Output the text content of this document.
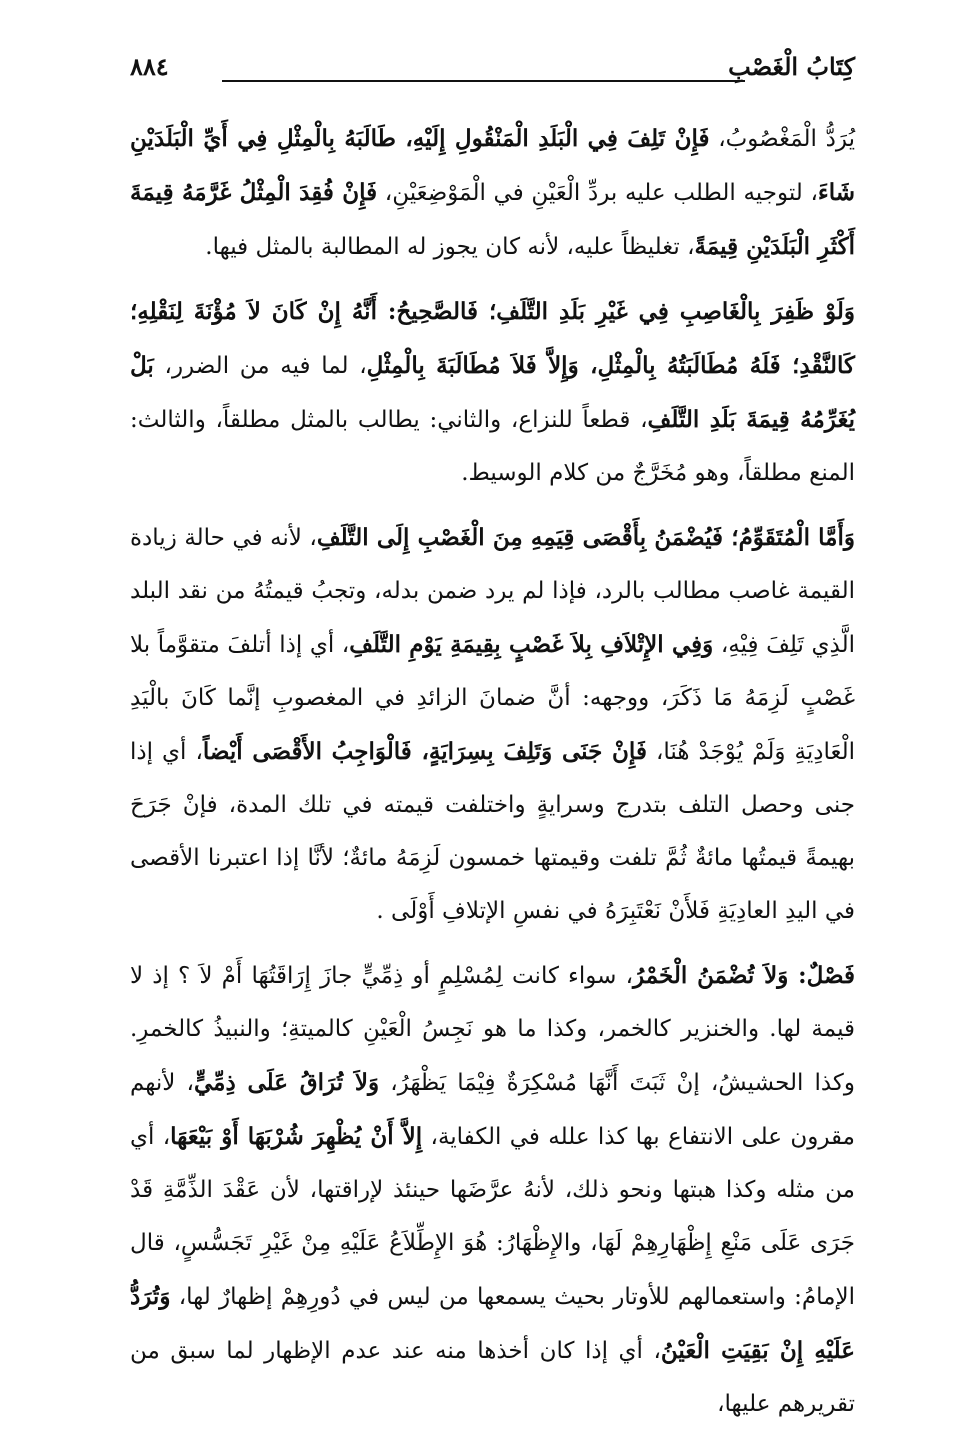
كِتَابُ الْغَصْبِ
٨٨٤

يُرَدُّ الْمَغْصُوبُ، فَإِنْ تَلِفَ فِي الْبَلَدِ الْمَنْقُولِ إِلَيْهِ، طَالَبَهُ بِالْمِثْلِ فِي أَيِّ الْبَلَدَيْنِ شَاءَ، لتوجيه الطلب عليه بردِّ الْعَيْنِ في الْمَوْضِعَيْنِ، فَإِنْ فُقِدَ الْمِثْلُ غَرَّمَهُ قِيمَةَ أَكْثَرِ الْبَلَدَيْنِ قِيمَةً، تغليظاً عليه، لأنه كان يجوز له المطالبة بالمثل فيها.

وَلَوْ ظَفِرَ بِالْغَاصِبِ فِي غَيْرِ بَلَدِ التَّلَفِ؛ فَالصَّحِيحُ: أَنَّهُ إِنْ كَانَ لاَ مُؤْنَةَ لِنَقْلِهِ؛ كَالنَّقْدِ؛ فَلَهُ مُطَالَبَتُهُ بِالْمِثْلِ، وَإِلاَّ فَلاَ مُطَالَبَةَ بِالْمِثْلِ، لما فيه من الضرر، بَلْ يُغَرِّمُهُ قِيمَةَ بَلَدِ التَّلَفِ، قطعاً للنزاع، والثاني: يطالب بالمثل مطلقاً، والثالث: المنع مطلقاً، وهو مُخَرَّجٌ من كلام الوسيط.

وَأَمَّا الْمُتَقَوِّمُ؛ فَيُضْمَنُ بِأَقْصَى قِيَمِهِ مِنَ الْغَصْبِ إِلَى التَّلَفِ، لأنه في حالة زيادة القيمة غاصب مطالب بالرد، فإذا لم يرد ضمن بدله، وتجبُ قيمتُهُ من نقد البلد الَّذِي تَلِفَ فِيْهِ، وَفِي الإِتْلاَفِ بِلاَ غَصْبٍ بِقِيمَةِ يَوْمِ التَّلَفِ، أي إذا أتلفَ متقوَّماً بلا غَصْبٍ لَزِمَهُ مَا ذَكَرَ، ووجهه: أنَّ ضمانَ الزائدِ في المغصوبِ إنَّما كَانَ بالْيَدِ الْعَادِيَةِ وَلَمْ يُوْجَدْ هُنَا، فَإِنْ جَنَى وَتَلِفَ بِسِرَايَةٍ، فَالْوَاجِبُ الأَقْصَى أَيْضاً، أي إذا جنى وحصل التلف بتدرج وسرايةٍ واختلفت قيمته في تلك المدة، فإنْ جَرَحَ بهيمةً قيمتُها مائةٌ ثُمَّ تلفت وقيمتها خمسون لَزِمَهُ مائةٌ؛ لأنَّا إذا اعتبرنا الأقصى في اليدِ العادِيَةِ فَلأَنْ نَعْتَبِرَهُ في نفسِ الإتلافِ أَوْلَى .

فَصْلٌ: وَلاَ تُضْمَنُ الْخَمْرُ، سواء كانت لِمُسْلِمٍ أو ذِمِّيٍّ جازَ إِرَاقَتُهَا أَمْ لاَ ؟ إذ لا قيمة لها. والخنزير كالخمر، وكذا ما هو نَجِسُ الْعَيْنِ كالميتةِ؛ والنبيذُ كالخمرِ. وكذا الحشيشُ، إنْ ثَبَتَ أَنَّهَا مُسْكِرَةٌ فِيْمَا يَظْهَرُ، وَلاَ تُرَاقُ عَلَى ذِمِّيٍّ، لأنهم مقرون على الانتفاع بها كذا علله في الكفاية، إِلاَّ أَنْ يُظْهِرَ شُرْبَهَا أَوْ بَيْعَهَا، أي من مثله وكذا هبتها ونحو ذلك، لأنهُ عرَّضَها حينئذ لإراقتها، لأن عَقْدَ الذِّمَّةِ قَدْ جَرَى عَلَى مَنْعِ إِظْهَارِهِمْ لَهَا، والإِظْهَارُ: هُوَ الإِطِّلاَعُ عَلَيْهِ مِنْ غَيْرِ تَجَسُّسٍ، قال الإمامُ: واستعمالهم للأوتار بحيث يسمعها من ليس في دُورِهِمْ إظهارٌ لها، وَتُرَدُّ عَلَيْهِ إِنْ بَقِيَتِ الْعَيْنُ، أي إذا كان أخذها منه عند عدم الإظهار لما سبق من تقريرهم عليها،
